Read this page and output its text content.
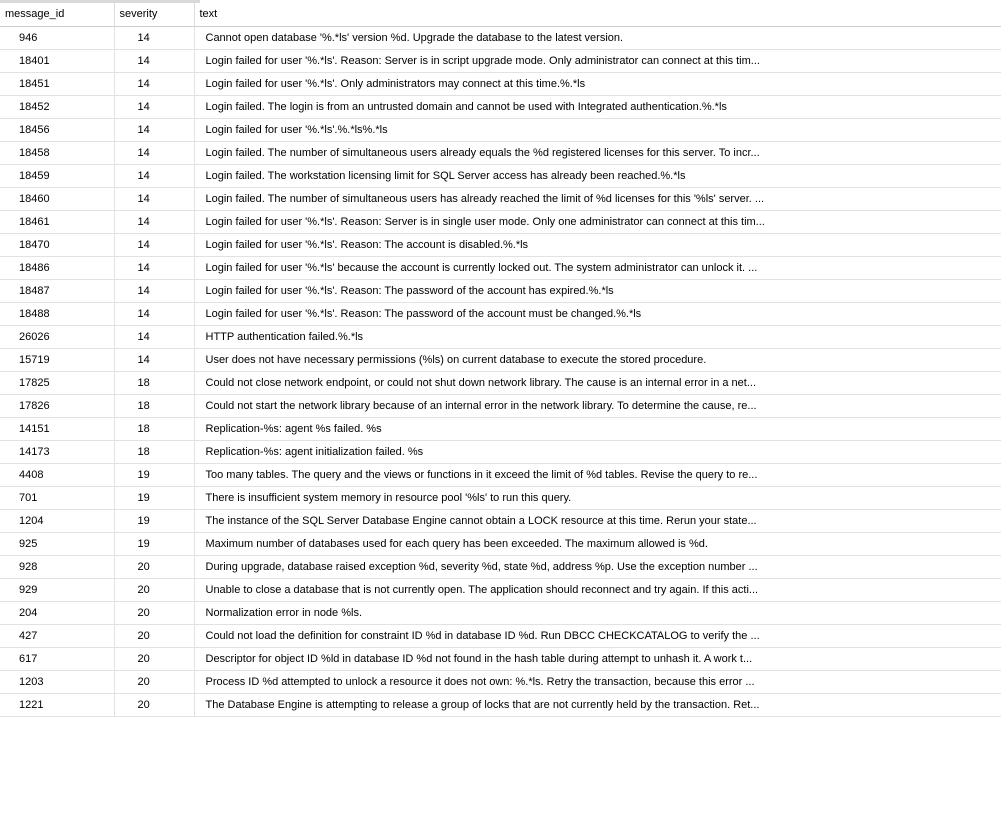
message_id	severity	text
946	14	Cannot open database '%.*ls' version %d. Upgrade the database to the latest version.
18401	14	Login failed for user '%.*ls'. Reason: Server is in script upgrade mode. Only administrator can connect at this tim...
18451	14	Login failed for user '%.*ls'. Only administrators may connect at this time.%.*ls
18452	14	Login failed. The login is from an untrusted domain and cannot be used with Integrated authentication.%.*ls
18456	14	Login failed for user '%.*ls'.%.*ls%.*ls
18458	14	Login failed. The number of simultaneous users already equals the %d registered licenses for this server. To incr...
18459	14	Login failed. The workstation licensing limit for SQL Server access has already been reached.%.*ls
18460	14	Login failed. The number of simultaneous users has already reached the limit of %d licenses for this '%ls' server. ...
18461	14	Login failed for user '%.*ls'. Reason: Server is in single user mode. Only one administrator can connect at this tim...
18470	14	Login failed for user '%.*ls'. Reason: The account is disabled.%.*ls
18486	14	Login failed for user '%.*ls' because the account is currently locked out. The system administrator can unlock it. ...
18487	14	Login failed for user '%.*ls'. Reason: The password of the account has expired.%.*ls
18488	14	Login failed for user '%.*ls'. Reason: The password of the account must be changed.%.*ls
26026	14	HTTP authentication failed.%.*ls
15719	14	User does not have necessary permissions (%ls) on current database to execute the stored procedure.
17825	18	Could not close network endpoint, or could not shut down network library. The cause is an internal error in a net...
17826	18	Could not start the network library because of an internal error in the network library. To determine the cause, re...
14151	18	Replication-%s: agent %s failed. %s
14173	18	Replication-%s: agent initialization failed. %s
4408	19	Too many tables. The query and the views or functions in it exceed the limit of %d tables. Revise the query to re...
701	19	There is insufficient system memory in resource pool '%ls' to run this query.
1204	19	The instance of the SQL Server Database Engine cannot obtain a LOCK resource at this time. Rerun your state...
925	19	Maximum number of databases used for each query has been exceeded. The maximum allowed is %d.
928	20	During upgrade, database raised exception %d, severity %d, state %d, address %p. Use the exception number ...
929	20	Unable to close a database that is not currently open. The application should reconnect and try again. If this acti...
204	20	Normalization error in node %ls.
427	20	Could not load the definition for constraint ID %d in database ID %d. Run DBCC CHECKCATALOG to verify the ...
617	20	Descriptor for object ID %ld in database ID %d not found in the hash table during attempt to unhash it. A work t...
1203	20	Process ID %d attempted to unlock a resource it does not own: %.*ls. Retry the transaction, because this error ...
1221	20	The Database Engine is attempting to release a group of locks that are not currently held by the transaction. Ret...
